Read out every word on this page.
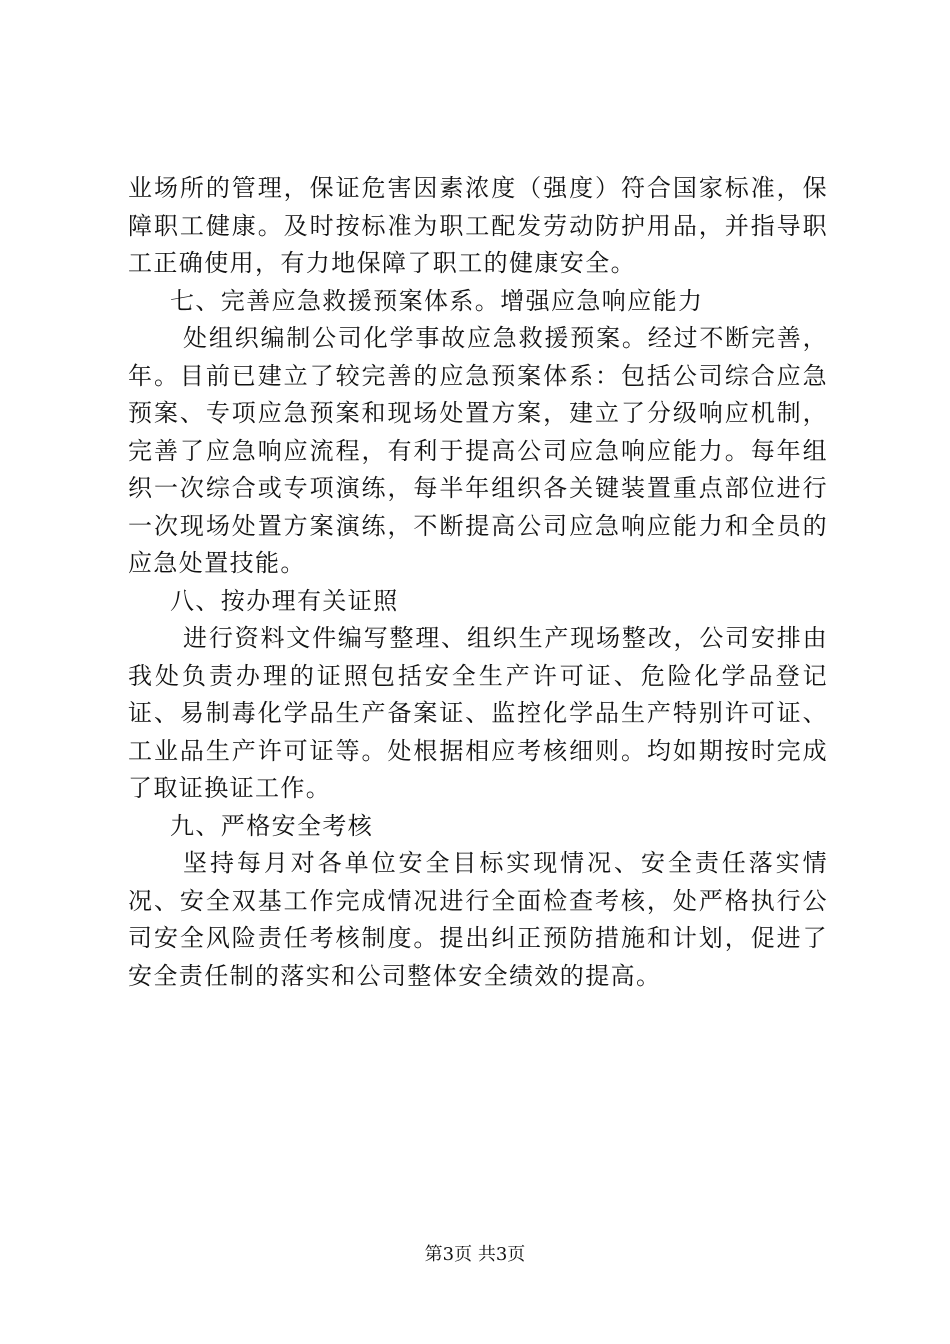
业场所的管理，保证危害因素浓度（强度）符合国家标准，保障职工健康。及时按标准为职工配发劳动防护用品，并指导职工正确使用，有力地保障了职工的健康安全。

七、完善应急救援预案体系。增强应急响应能力

处组织编制公司化学事故应急救援预案。经过不断完善，年。目前已建立了较完善的应急预案体系：包括公司综合应急预案、专项应急预案和现场处置方案，建立了分级响应机制，完善了应急响应流程，有利于提高公司应急响应能力。每年组织一次综合或专项演练，每半年组织各关键装置重点部位进行一次现场处置方案演练，不断提高公司应急响应能力和全员的应急处置技能。

八、按办理有关证照

进行资料文件编写整理、组织生产现场整改，公司安排由我处负责办理的证照包括安全生产许可证、危险化学品登记证、易制毒化学品生产备案证、监控化学品生产特别许可证、工业品生产许可证等。处根据相应考核细则。均如期按时完成了取证换证工作。

九、严格安全考核

坚持每月对各单位安全目标实现情况、安全责任落实情况、安全双基工作完成情况进行全面检查考核，处严格执行公司安全风险责任考核制度。提出纠正预防措施和计划，促进了安全责任制的落实和公司整体安全绩效的提高。

第3页 共3页
